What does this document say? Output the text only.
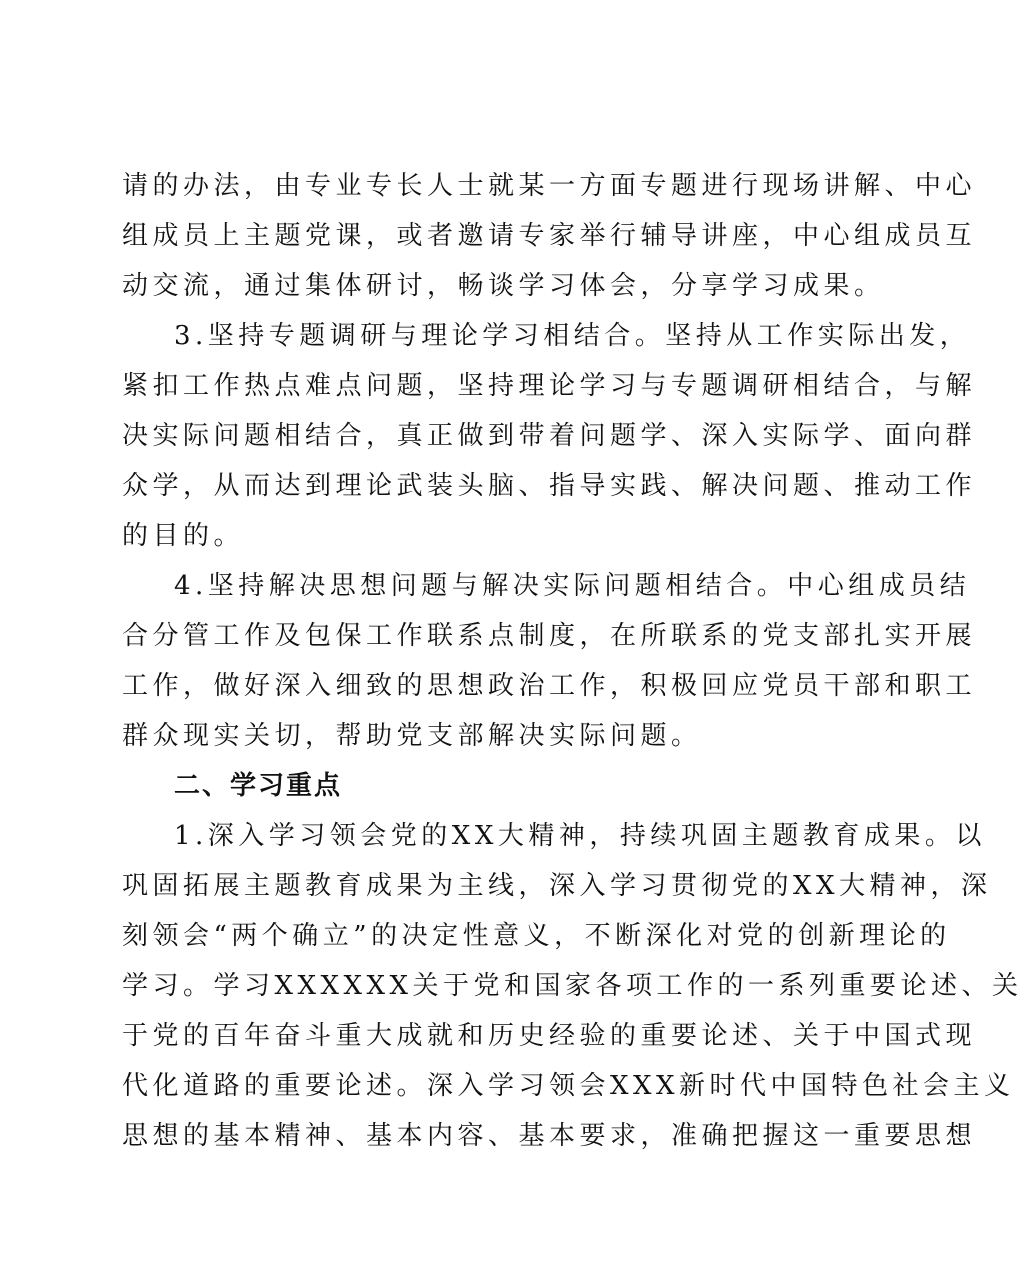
请的办法，由专业专长人士就某一方面专题进行现场讲解、中心
组成员上主题党课，或者邀请专家举行辅导讲座，中心组成员互
动交流，通过集体研讨，畅谈学习体会，分享学习成果。
3.坚持专题调研与理论学习相结合。坚持从工作实际出发，
紧扣工作热点难点问题，坚持理论学习与专题调研相结合，与解
决实际问题相结合，真正做到带着问题学、深入实际学、面向群
众学，从而达到理论武装头脑、指导实践、解决问题、推动工作
的目的。
4.坚持解决思想问题与解决实际问题相结合。中心组成员结
合分管工作及包保工作联系点制度，在所联系的党支部扎实开展
工作，做好深入细致的思想政治工作，积极回应党员干部和职工
群众现实关切，帮助党支部解决实际问题。
二、学习重点
1.深入学习领会党的XX大精神，持续巩固主题教育成果。以
巩固拓展主题教育成果为主线，深入学习贯彻党的XX大精神，深
刻领会“两个确立”的决定性意义，不断深化对党的创新理论的
学习。学习XXXXXX关于党和国家各项工作的一系列重要论述、关
于党的百年奋斗重大成就和历史经验的重要论述、关于中国式现
代化道路的重要论述。深入学习领会XXX新时代中国特色社会主义
思想的基本精神、基本内容、基本要求，准确把握这一重要思想
